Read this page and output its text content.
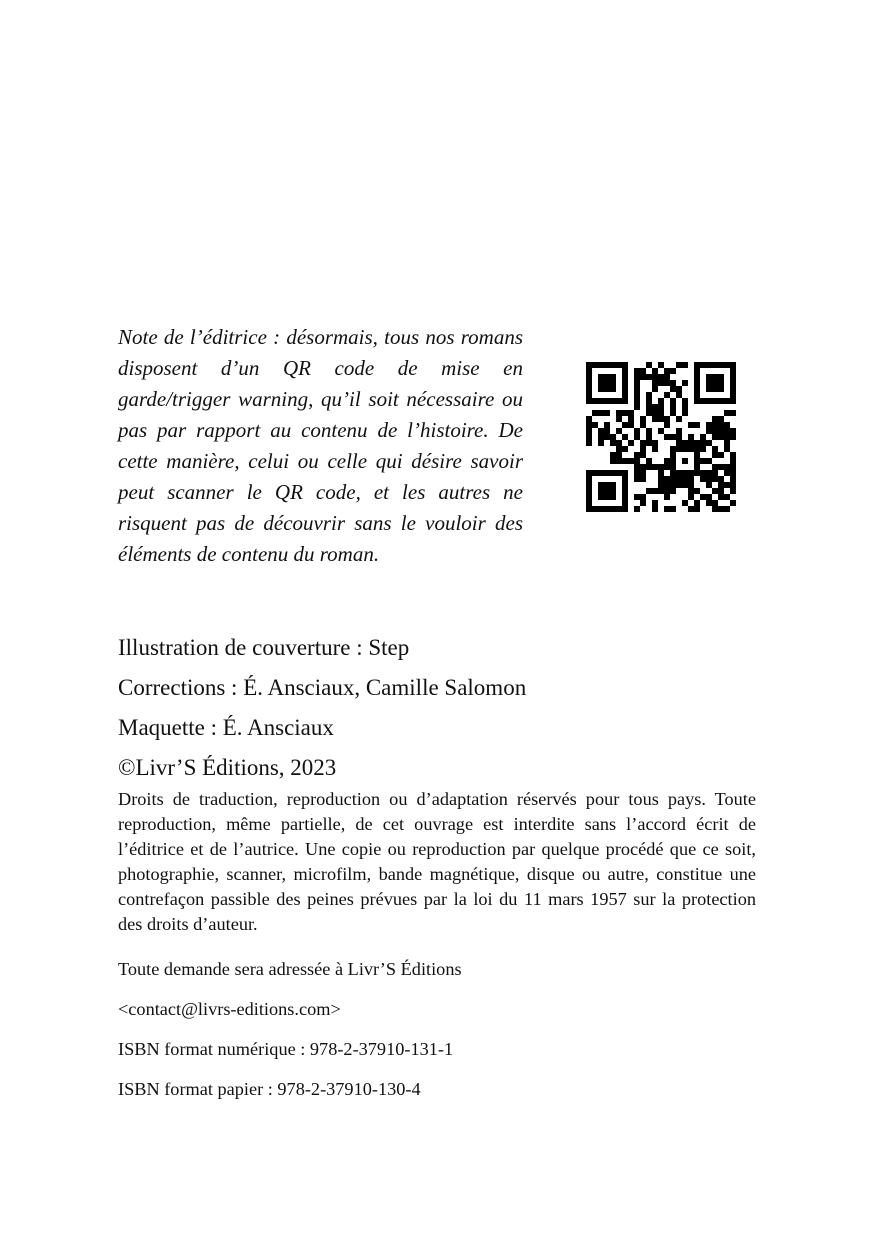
Note de l’éditrice : désormais, tous nos romans disposent d’un QR code de mise en garde/trigger warning, qu’il soit nécessaire ou pas par rapport au contenu de l’histoire. De cette manière, celui ou celle qui désire savoir peut scanner le QR code, et les autres ne risquent pas de découvrir sans le vouloir des éléments de contenu du roman.

Illustration de couverture : Step

Corrections : É. Ansciaux, Camille Salomon

Maquette : É. Ansciaux

©Livr’S Éditions, 2023

Droits de traduction, reproduction ou d’adaptation réservés pour tous pays. Toute reproduction, même partielle, de cet ouvrage est interdite sans l’accord écrit de l’éditrice et de l’autrice. Une copie ou reproduction par quelque procédé que ce soit, photographie, scanner, microfilm, bande magnétique, disque ou autre, constitue une contrefaçon passible des peines prévues par la loi du 11 mars 1957 sur la protection des droits d’auteur.

Toute demande sera adressée à Livr’S Éditions

<contact@livrs-editions.com>

ISBN format numérique : 978-2-37910-131-1

ISBN format papier : 978-2-37910-130-4
